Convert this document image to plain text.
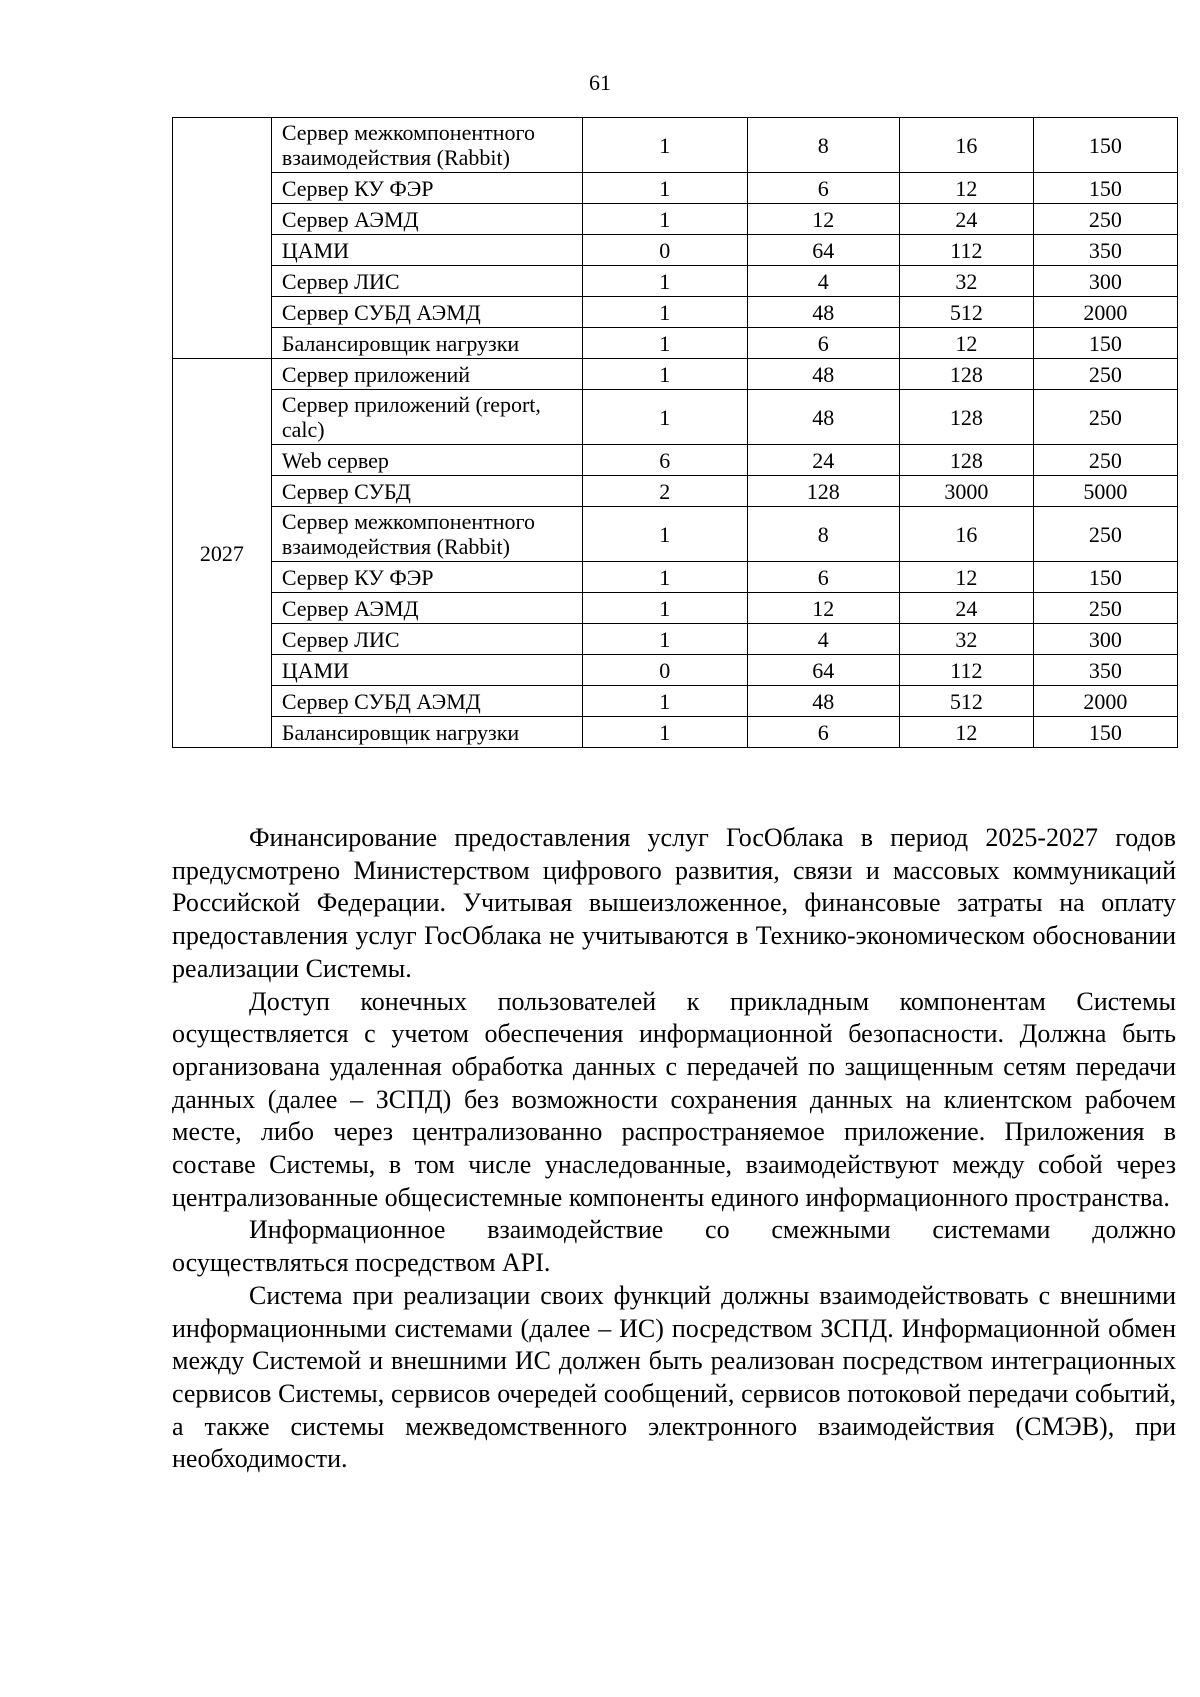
61
	Сервер межкомпонентного взаимодействия (Rabbit)	1	8	16	150
	Сервер КУ ФЭР	1	6	12	150
	Сервер АЭМД	1	12	24	250
	ЦАМИ	0	64	112	350
	Сервер ЛИС	1	4	32	300
	Сервер СУБД АЭМД	1	48	512	2000
	Балансировщик нагрузки	1	6	12	150
2027	Сервер приложений	1	48	128	250
	Сервер приложений (report, calc)	1	48	128	250
	Web сервер	6	24	128	250
	Сервер СУБД	2	128	3000	5000
	Сервер межкомпонентного взаимодействия (Rabbit)	1	8	16	250
	Сервер КУ ФЭР	1	6	12	150
	Сервер АЭМД	1	12	24	250
	Сервер ЛИС	1	4	32	300
	ЦАМИ	0	64	112	350
	Сервер СУБД АЭМД	1	48	512	2000
	Балансировщик нагрузки	1	6	12	150

Финансирование предоставления услуг ГосОблака в период 2025-2027 годов предусмотрено Министерством цифрового развития, связи и массовых коммуникаций Российской Федерации. Учитывая вышеизложенное, финансовые затраты на оплату предоставления услуг ГосОблака не учитываются в Технико-экономическом обосновании реализации Системы.

Доступ конечных пользователей к прикладным компонентам Системы осуществляется с учетом обеспечения информационной безопасности. Должна быть организована удаленная обработка данных с передачей по защищенным сетям передачи данных (далее – ЗСПД) без возможности сохранения данных на клиентском рабочем месте, либо через централизованно распространяемое приложение. Приложения в составе Системы, в том числе унаследованные, взаимодействуют между собой через централизованные общесистемные компоненты единого информационного пространства.

Информационное взаимодействие со смежными системами должно осуществляться посредством API.

Система при реализации своих функций должны взаимодействовать с внешними информационными системами (далее – ИС) посредством ЗСПД. Информационной обмен между Системой и внешними ИС должен быть реализован посредством интеграционных сервисов Системы, сервисов очередей сообщений, сервисов потоковой передачи событий, а также системы межведомственного электронного взаимодействия (СМЭВ), при необходимости.
